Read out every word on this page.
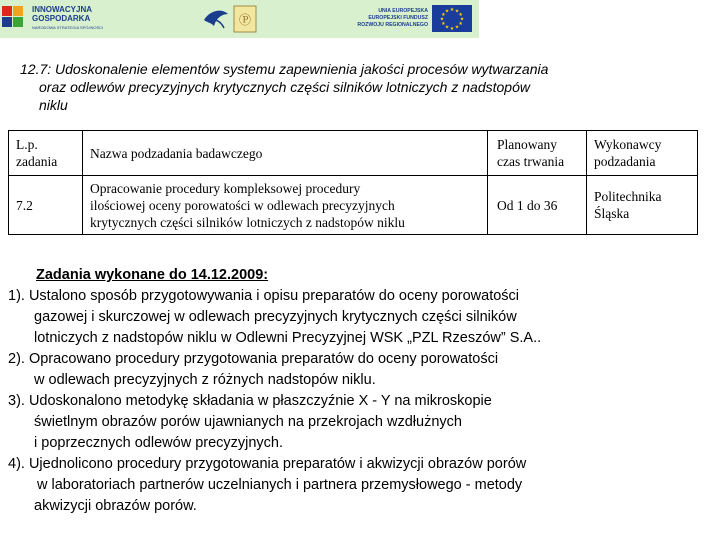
INNOWACYJNA
GOSPODARKA
NARODOWA STRATEGIA SPÓJNOŚCI
Ⓟ
UNIA EUROPEJSKA
EUROPEJSKI FUNDUSZ
ROZWOJU REGIONALNEGO
★ ★
★
★
★
★
★
★
★
★
★
★
12.7: Udoskonalenie elementów systemu zapewnienia jakości procesów wytwarzania
oraz odlewów precyzyjnych krytycznych części silników lotniczych z nadstopów
niklu
L.p.
zadania	Nazwa podzadania badawczego	Planowany
czas trwania	Wykonawcy
podzadania

7.2	Opracowanie procedury kompleksowej procedury
ilościowej oceny porowatości w odlewach precyzyjnych
krytycznych części silników lotniczych z nadstopów niklu	Od 1 do 36	Politechnika
Śląska
Zadania wykonane do 14.12.2009:
1). Ustalono sposób przygotowywania i opisu preparatów do oceny porowatości
gazowej i skurczowej w odlewach precyzyjnych krytycznych części silników
lotniczych z nadstopów niklu w Odlewni Precyzyjnej WSK „PZL Rzeszów” S.A..
2). Opracowano procedury przygotowania preparatów do oceny porowatości
w odlewach precyzyjnych z różnych nadstopów niklu.
3). Udoskonalono metodykę składania w płaszczyźnie X - Y na mikroskopie
świetlnym obrazów porów ujawnianych na przekrojach wzdłużnych
i poprzecznych odlewów precyzyjnych.
4). Ujednolicono procedury przygotowania preparatów i akwizycji obrazów porów
w laboratoriach partnerów uczelnianych i partnera przemysłowego - metody
akwizycji obrazów porów.
